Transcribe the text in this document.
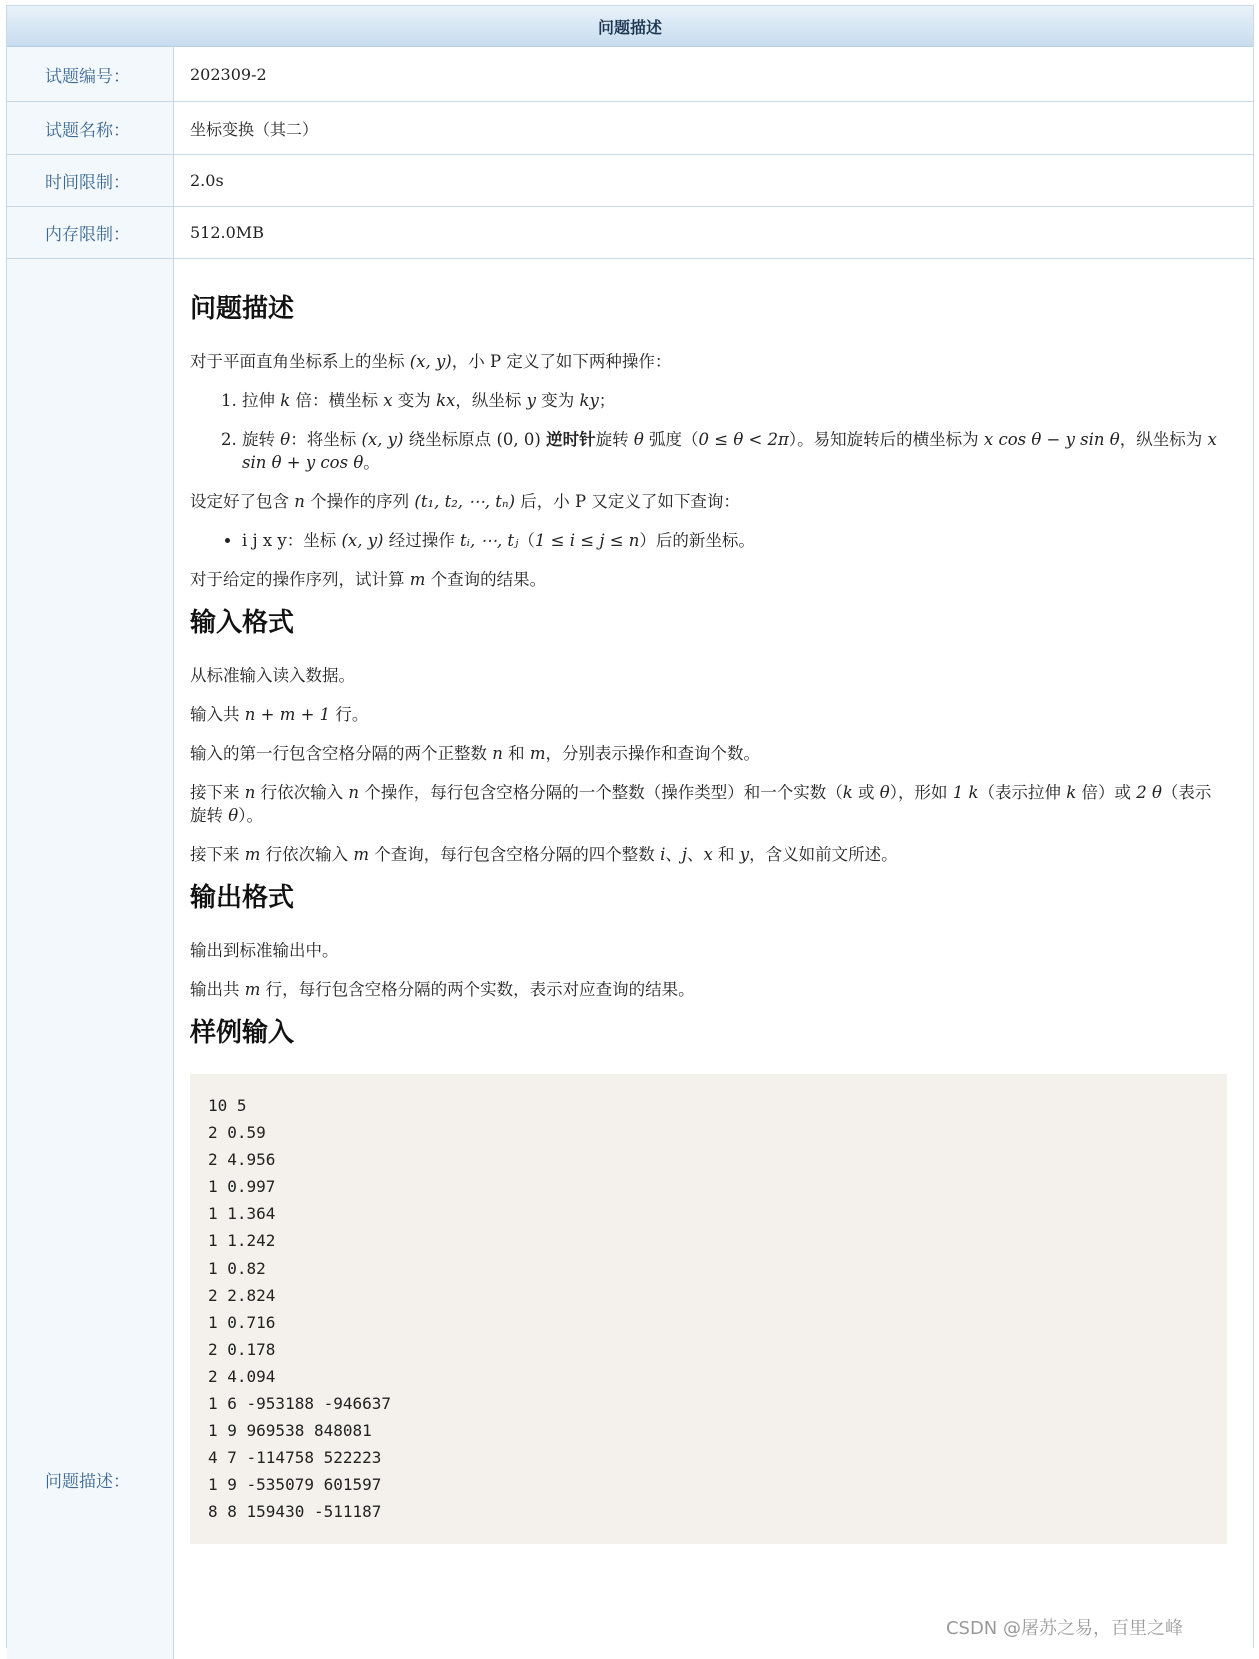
问题描述
试题编号：	202309-2
试题名称：	坐标变换（其二）
时间限制：	2.0s
内存限制：	512.0MB
问题描述：
问题描述

对于平面直角坐标系上的坐标 (x, y)，小 P 定义了如下两种操作：

1. 拉伸 k 倍：横坐标 x 变为 kx，纵坐标 y 变为 ky；
2. 旋转 θ：将坐标 (x, y) 绕坐标原点 (0, 0) 逆时针旋转 θ 弧度（0 ≤ θ < 2π）。易知旋转后的横坐标为 x cos θ − y sin θ，纵坐标为 x sin θ + y cos θ。

设定好了包含 n 个操作的序列 (t₁, t₂, ⋯, tₙ) 后，小 P 又定义了如下查询：

• i j x y：坐标 (x, y) 经过操作 tᵢ, ⋯, tⱼ（1 ≤ i ≤ j ≤ n）后的新坐标。

对于给定的操作序列，试计算 m 个查询的结果。

输入格式

从标准输入读入数据。

输入共 n + m + 1 行。

输入的第一行包含空格分隔的两个正整数 n 和 m，分别表示操作和查询个数。

接下来 n 行依次输入 n 个操作，每行包含空格分隔的一个整数（操作类型）和一个实数（k 或 θ），形如 1 k（表示拉伸 k 倍）或 2 θ（表示旋转 θ）。

接下来 m 行依次输入 m 个查询，每行包含空格分隔的四个整数 i、j、x 和 y，含义如前文所述。

输出格式

输出到标准输出中。

输出共 m 行，每行包含空格分隔的两个实数，表示对应查询的结果。

样例输入
10 5
2 0.59
2 4.956
1 0.997
1 1.364
1 1.242
1 0.82
2 2.824
1 0.716
2 0.178
2 4.094
1 6 -953188 -946637
1 9 969538 848081
4 7 -114758 522223
1 9 -535079 601597
8 8 159430 -511187
CSDN @屠苏之易，百里之峰
